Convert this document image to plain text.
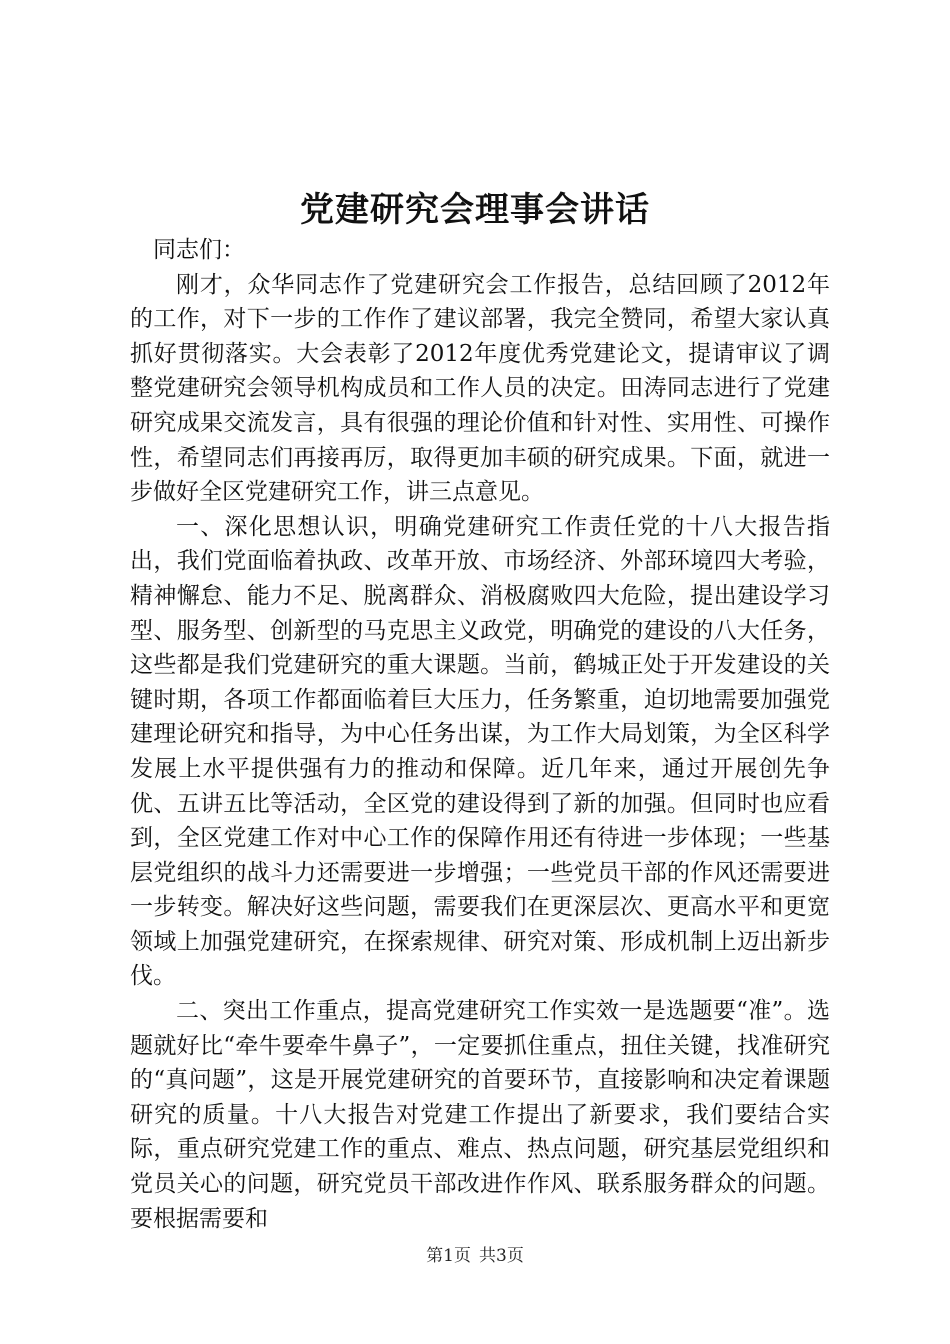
党建研究会理事会讲话

同志们：

刚才，众华同志作了党建研究会工作报告，总结回顾了2012年的工作，对下一步的工作作了建议部署，我完全赞同，希望大家认真抓好贯彻落实。大会表彰了2012年度优秀党建论文，提请审议了调整党建研究会领导机构成员和工作人员的决定。田涛同志进行了党建研究成果交流发言，具有很强的理论价值和针对性、实用性、可操作性，希望同志们再接再厉，取得更加丰硕的研究成果。下面，就进一步做好全区党建研究工作，讲三点意见。

一、深化思想认识，明确党建研究工作责任党的十八大报告指出，我们党面临着执政、改革开放、市场经济、外部环境四大考验，精神懈怠、能力不足、脱离群众、消极腐败四大危险，提出建设学习型、服务型、创新型的马克思主义政党，明确党的建设的八大任务，这些都是我们党建研究的重大课题。当前，鹤城正处于开发建设的关键时期，各项工作都面临着巨大压力，任务繁重，迫切地需要加强党建理论研究和指导，为中心任务出谋，为工作大局划策，为全区科学发展上水平提供强有力的推动和保障。近几年来，通过开展创先争优、五讲五比等活动，全区党的建设得到了新的加强。但同时也应看到，全区党建工作对中心工作的保障作用还有待进一步体现；一些基层党组织的战斗力还需要进一步增强；一些党员干部的作风还需要进一步转变。解决好这些问题，需要我们在更深层次、更高水平和更宽领域上加强党建研究，在探索规律、研究对策、形成机制上迈出新步伐。

二、突出工作重点，提高党建研究工作实效一是选题要“准”。选题就好比“牵牛要牵牛鼻子”，一定要抓住重点，扭住关键，找准研究的“真问题”，这是开展党建研究的首要环节，直接影响和决定着课题研究的质量。十八大报告对党建工作提出了新要求，我们要结合实际，重点研究党建工作的重点、难点、热点问题，研究基层党组织和党员关心的问题，研究党员干部改进作作风、联系服务群众的问题。要根据需要和

第1页 共3页
